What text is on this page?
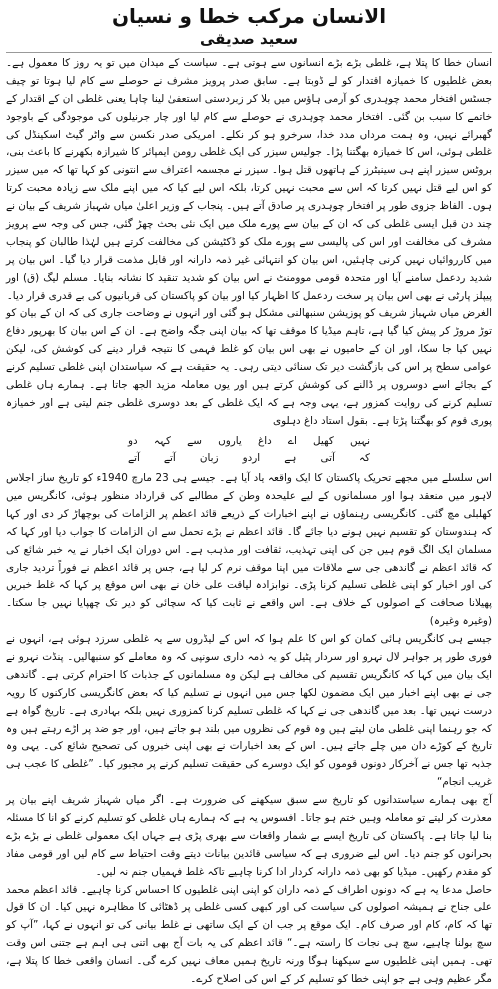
الانسان مرکب خطا و نسیان
سعید صدیقی

انسان خطا کا پتلا ہے، غلطی بڑے بڑے انسانوں سے ہوتی ہے۔ سیاست کے میدان میں تو یہ روز کا معمول ہے۔ بعض غلطیوں کا خمیازہ اقتدار کو لے ڈوبتا ہے۔ سابق صدر پرویز مشرف نے حوصلے سے کام لیا ہوتا تو چیف جسٹس افتخار محمد چوہدری کو آرمی ہاؤس میں بلا کر زبردستی استعفیٰ لینا چاہا یعنی غلطی ان کے اقتدار کے خاتمے کا سبب بن گئی۔ افتخار محمد چوہدری نے حوصلے سے کام لیا اور چار جرنیلوں کی موجودگی کے باوجود گھبرائے نہیں، وہ ہمت مرداں مدد خدا، سرخرو ہو کر نکلے۔ امریکی صدر نکسن سے واٹر گیٹ اسکینڈل کی غلطی ہوئی، اس کا خمیازہ بھگتنا پڑا۔ جولیس سیزر کی ایک غلطی رومن ایمپائر کا شیرازہ بکھرنے کا باعث بنی، بروٹس سیزر اپنے ہی سینیٹرز کے ہاتھوں قتل ہوا۔ سیزر نے مجسمہ اعتراف سے انتونی کو کہا تھا کہ میں سیزر کو اس لیے قتل نہیں کرتا کہ اس سے محبت نہیں کرتا، بلکہ اس لیے کیا کہ میں اپنے ملک سے زیادہ محبت کرتا ہوں۔ الفاظ جزوی طور پر افتخار چوہدری پر صادق آتے ہیں۔ پنجاب کے وزیر اعلیٰ میاں شہباز شریف کے بیان نے چند دن قبل ایسی غلطی کی کہ ان کے بیان سے پورے ملک میں ایک نئی بحث چھڑ گئی، جس کی وجہ سے پرویز مشرف کی مخالفت اور اس کی پالیسی سے پورے ملک کو ڈکٹیشن کی مخالفت کرتے ہیں لہٰذا طالبان کو پنجاب میں کارروائیاں نہیں کرنی چاہئیں، اس بیان کو انتہائی غیر ذمہ دارانہ اور قابل مذمت قرار دیا گیا۔ اس بیان پر شدید ردعمل سامنے آیا اور متحدہ قومی موومنٹ نے اس بیان کو شدید تنقید کا نشانہ بنایا۔ مسلم لیگ (ق) اور پیپلز پارٹی نے بھی اس بیان پر سخت ردعمل کا اظہار کیا اور بیان کو پاکستان کی قربانیوں کی بے قدری قرار دیا۔

الغرض میاں شہباز شریف کو پوزیشن سنبھالنی مشکل ہو گئی اور انہوں نے وضاحت جاری کی کہ ان کے بیان کو توڑ مروڑ کر پیش کیا گیا ہے، تاہم میڈیا کا موقف تھا کہ بیان اپنی جگہ واضح ہے۔ ان کے اس بیان کا بھرپور دفاع نہیں کیا جا سکا، اور ان کے حامیوں نے بھی اس بیان کو غلط فہمی کا نتیجہ قرار دینے کی کوشش کی، لیکن عوامی سطح پر اس کی بازگشت دیر تک سنائی دیتی رہی۔ یہ حقیقت ہے کہ سیاستدان اپنی غلطی تسلیم کرنے کے بجائے اسے دوسروں پر ڈالنے کی کوشش کرتے ہیں اور یوں معاملہ مزید الجھ جاتا ہے۔ ہمارے ہاں غلطی تسلیم کرنے کی روایت کمزور ہے، یہی وجہ ہے کہ ایک غلطی کے بعد دوسری غلطی جنم لیتی ہے اور خمیازہ پوری قوم کو بھگتنا پڑتا ہے۔ بقول استاد داغ دہلوی

نہیں
کھیل
اے
داغ
یاروں
سے
کہہ
دو
کہ
آتی
ہے
اردو
زبان
آتے
آتے

اس سلسلے میں مجھے تحریک پاکستان کا ایک واقعہ یاد آیا ہے۔ جیسے ہی 23 مارچ 1940ء کو تاریخ ساز اجلاس لاہور میں منعقد ہوا اور مسلمانوں کے لیے علیحدہ وطن کے مطالبے کی قرارداد منظور ہوئی، کانگریس میں کھلبلی مچ گئی۔ کانگریسی رہنماؤں نے اپنے اخبارات کے ذریعے قائد اعظم پر الزامات کی بوچھاڑ کر دی اور کہا کہ ہندوستان کو تقسیم نہیں ہونے دیا جائے گا۔ قائد اعظم نے بڑے تحمل سے ان الزامات کا جواب دیا اور کہا کہ مسلمان ایک الگ قوم ہیں جن کی اپنی تہذیب، ثقافت اور مذہب ہے۔ اس دوران ایک اخبار نے یہ خبر شائع کی کہ قائد اعظم نے گاندھی جی سے ملاقات میں اپنا موقف نرم کر لیا ہے، جس پر قائد اعظم نے فوراً تردید جاری کی اور اخبار کو اپنی غلطی تسلیم کرنا پڑی۔ نوابزادہ لیاقت علی خان نے بھی اس موقع پر کہا کہ غلط خبریں پھیلانا صحافت کے اصولوں کے خلاف ہے۔ اس واقعے نے ثابت کیا کہ سچائی کو دیر تک چھپایا نہیں جا سکتا۔ (وغیرہ وغیرہ)

جیسے ہی کانگریس ہائی کمان کو اس کا علم ہوا کہ اس کے لیڈروں سے یہ غلطی سرزد ہوئی ہے، انہوں نے فوری طور پر جواہر لال نہرو اور سردار پٹیل کو یہ ذمہ داری سونپی کہ وہ معاملے کو سنبھالیں۔ پنڈت نہرو نے ایک بیان میں کہا کہ کانگریس تقسیم کی مخالف ہے لیکن وہ مسلمانوں کے جذبات کا احترام کرتی ہے۔ گاندھی جی نے بھی اپنے اخبار میں ایک مضمون لکھا جس میں انہوں نے تسلیم کیا کہ بعض کانگریسی کارکنوں کا رویہ درست نہیں تھا۔ بعد میں گاندھی جی نے کہا کہ غلطی تسلیم کرنا کمزوری نہیں بلکہ بہادری ہے۔ تاریخ گواہ ہے کہ جو رہنما اپنی غلطی مان لیتے ہیں وہ قوم کی نظروں میں بلند ہو جاتے ہیں، اور جو ضد پر اڑے رہتے ہیں وہ تاریخ کے کوڑے دان میں چلے جاتے ہیں۔ اس کے بعد اخبارات نے بھی اپنی خبروں کی تصحیح شائع کی۔ یہی وہ جذبہ تھا جس نے آخرکار دونوں قوموں کو ایک دوسرے کی حقیقت تسلیم کرنے پر مجبور کیا۔ ”غلطی کا عجب ہی غریب انجام“

آج بھی ہمارے سیاستدانوں کو تاریخ سے سبق سیکھنے کی ضرورت ہے۔ اگر میاں شہباز شریف اپنے بیان پر معذرت کر لیتے تو معاملہ وہیں ختم ہو جاتا۔ افسوس یہ ہے کہ ہمارے ہاں غلطی کو تسلیم کرنے کو انا کا مسئلہ بنا لیا جاتا ہے۔ پاکستان کی تاریخ ایسے بے شمار واقعات سے بھری پڑی ہے جہاں ایک معمولی غلطی نے بڑے بڑے بحرانوں کو جنم دیا۔ اس لیے ضروری ہے کہ سیاسی قائدین بیانات دیتے وقت احتیاط سے کام لیں اور قومی مفاد کو مقدم رکھیں۔ میڈیا کو بھی ذمہ دارانہ کردار ادا کرنا چاہیے تاکہ غلط فہمیاں جنم نہ لیں۔

حاصل مدعا یہ ہے کہ دونوں اطراف کے ذمہ داران کو اپنی اپنی غلطیوں کا احساس کرنا چاہیے۔ قائد اعظم محمد علی جناح نے ہمیشہ اصولوں کی سیاست کی اور کبھی کسی غلطی پر ڈھٹائی کا مظاہرہ نہیں کیا۔ ان کا قول تھا کہ کام، کام اور صرف کام۔ ایک موقع پر جب ان کے ایک ساتھی نے غلط بیانی کی تو انہوں نے کہا، ”آپ کو سچ بولنا چاہیے، سچ ہی نجات کا راستہ ہے۔“ قائد اعظم کی یہ بات آج بھی اتنی ہی اہم ہے جتنی اس وقت تھی۔ ہمیں اپنی غلطیوں سے سیکھنا ہوگا ورنہ تاریخ ہمیں معاف نہیں کرے گی۔ انسان واقعی خطا کا پتلا ہے، مگر عظیم وہی ہے جو اپنی خطا کو تسلیم کر کے اس کی اصلاح کرے۔
